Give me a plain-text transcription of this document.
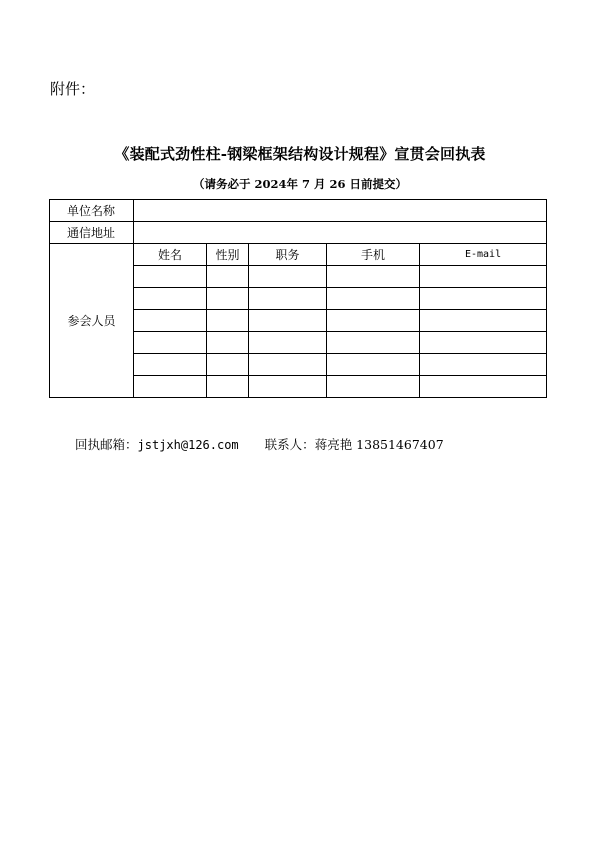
附件：
《装配式劲性柱-钢梁框架结构设计规程》宣贯会回执表
（请务必于 2024年 7 月 26 日前提交）
单位名称					
通信地址					
参会人员	姓名	性别	职务	手机	E-mail

回执邮箱：jstjxh@126.com 联系人：蒋亮艳 13851467407
